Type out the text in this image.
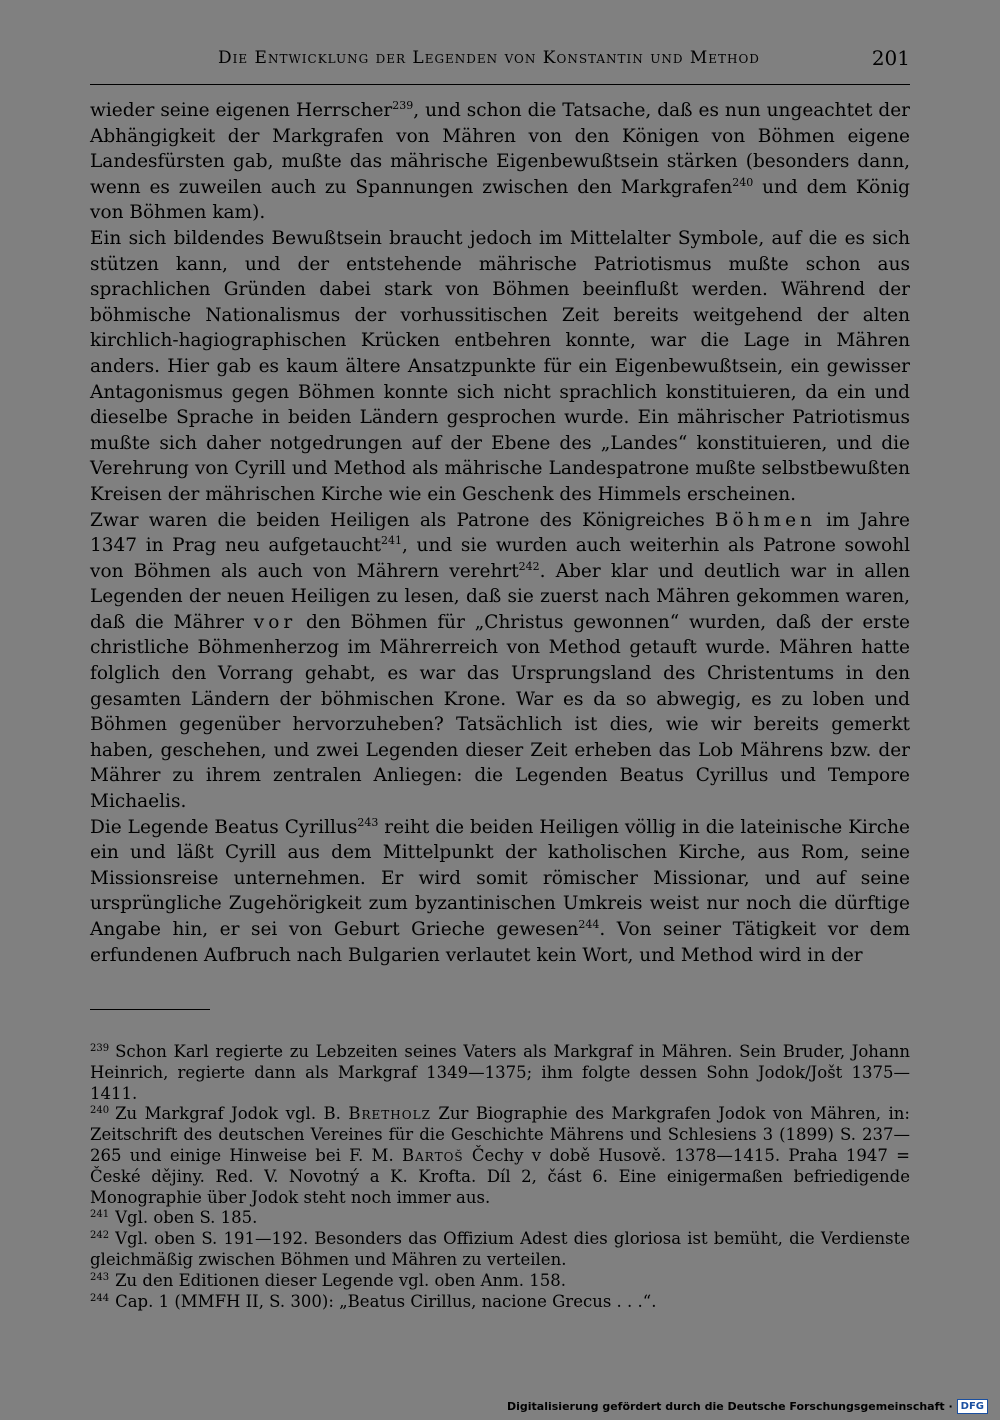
Die Entwicklung der Legenden von Konstantin und Method	201

wieder seine eigenen Herrscher$^{239}$, und schon die Tatsache, daß es nun ungeachtet der Abhängigkeit der Markgrafen von Mähren von den Königen von Böhmen eigene Landesfürsten gab, mußte das mährische Eigenbewußtsein stärken (besonders dann, wenn es zuweilen auch zu Spannungen zwischen den Markgrafen$^{240}$ und dem König von Böhmen kam).

Ein sich bildendes Bewußtsein braucht jedoch im Mittelalter Symbole, auf die es sich stützen kann, und der entstehende mährische Patriotismus mußte schon aus sprachlichen Gründen dabei stark von Böhmen beeinflußt werden. Während der böhmische Nationalismus der vorhussitischen Zeit bereits weitgehend der alten kirchlich-hagiographischen Krücken entbehren konnte, war die Lage in Mähren anders. Hier gab es kaum ältere Ansatzpunkte für ein Eigenbewußtsein, ein gewisser Antagonismus gegen Böhmen konnte sich nicht sprachlich konstituieren, da ein und dieselbe Sprache in beiden Ländern gesprochen wurde. Ein mährischer Patriotismus mußte sich daher notgedrungen auf der Ebene des „Landes“ konstituieren, und die Verehrung von Cyrill und Method als mährische Landespatrone mußte selbstbewußten Kreisen der mährischen Kirche wie ein Geschenk des Himmels erscheinen.

Zwar waren die beiden Heiligen als Patrone des Königreiches Böhmen im Jahre 1347 in Prag neu aufgetaucht$^{241}$, und sie wurden auch weiterhin als Patrone sowohl von Böhmen als auch von Mährern verehrt$^{242}$. Aber klar und deutlich war in allen Legenden der neuen Heiligen zu lesen, daß sie zuerst nach Mähren gekommen waren, daß die Mährer vor den Böhmen für „Christus gewonnen“ wurden, daß der erste christliche Böhmenherzog im Mährerreich von Method getauft wurde. Mähren hatte folglich den Vorrang gehabt, es war das Ursprungsland des Christentums in den gesamten Ländern der böhmischen Krone. War es da so abwegig, es zu loben und Böhmen gegenüber hervorzuheben? Tatsächlich ist dies, wie wir bereits gemerkt haben, geschehen, und zwei Legenden dieser Zeit erheben das Lob Mährens bzw. der Mährer zu ihrem zentralen Anliegen: die Legenden Beatus Cyrillus und Tempore Michaelis.

Die Legende Beatus Cyrillus$^{243}$ reiht die beiden Heiligen völlig in die lateinische Kirche ein und läßt Cyrill aus dem Mittelpunkt der katholischen Kirche, aus Rom, seine Missionsreise unternehmen. Er wird somit römischer Missionar, und auf seine ursprüngliche Zugehörigkeit zum byzantinischen Umkreis weist nur noch die dürftige Angabe hin, er sei von Geburt Grieche gewesen$^{244}$. Von seiner Tätigkeit vor dem erfundenen Aufbruch nach Bulgarien verlautet kein Wort, und Method wird in der

$^{239}$ Schon Karl regierte zu Lebzeiten seines Vaters als Markgraf in Mähren. Sein Bruder, Johann Heinrich, regierte dann als Markgraf 1349—1375; ihm folgte dessen Sohn Jodok/Jošt 1375—1411.

$^{240}$ Zu Markgraf Jodok vgl. B. Bretholz Zur Biographie des Markgrafen Jodok von Mähren, in: Zeitschrift des deutschen Vereines für die Geschichte Mährens und Schlesiens 3 (1899) S. 237—265 und einige Hinweise bei F. M. Bartoš Čechy v době Husově. 1378—1415. Praha 1947 = České dějiny. Red. V. Novotný a K. Krofta. Díl 2, část 6. Eine einigermaßen befriedigende Monographie über Jodok steht noch immer aus.

$^{241}$ Vgl. oben S. 185.

$^{242}$ Vgl. oben S. 191—192. Besonders das Offizium Adest dies gloriosa ist bemüht, die Verdienste gleichmäßig zwischen Böhmen und Mähren zu verteilen.

$^{243}$ Zu den Editionen dieser Legende vgl. oben Anm. 158.

$^{244}$ Cap. 1 (MMFH II, S. 300): „Beatus Cirillus, nacione Grecus . . .“.

Digitalisierung gefördert durch die Deutsche Forschungsgemeinschaft · DFG
